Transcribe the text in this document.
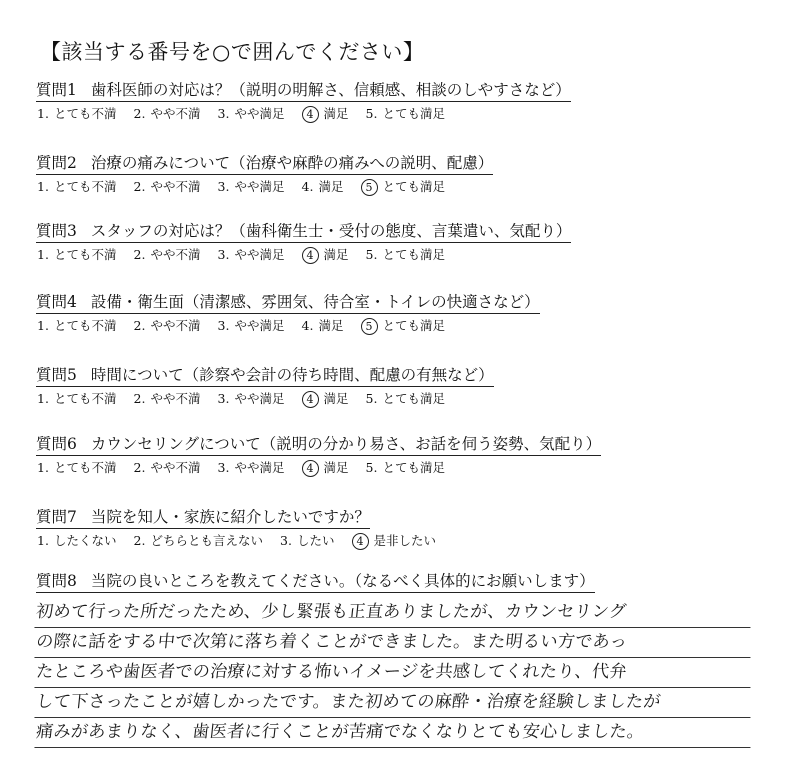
【該当する番号を○で囲んでください】
質問1 歯科医師の対応は？（説明の明解さ、信頼感、相談のしやすさなど）
1. とても不満 2. やや不満 3. やや満足 4 満足 5. とても満足
質問2 治療の痛みについて（治療や麻酔の痛みへの説明、配慮）
1. とても不満 2. やや不満 3. やや満足 4. 満足 5 とても満足
質問3 スタッフの対応は？（歯科衛生士・受付の態度、言葉遣い、気配り）
1. とても不満 2. やや不満 3. やや満足 4 満足 5. とても満足
質問4 設備・衛生面（清潔感、雰囲気、待合室・トイレの快適さなど）
1. とても不満 2. やや不満 3. やや満足 4. 満足 5 とても満足
質問5 時間について（診察や会計の待ち時間、配慮の有無など）
1. とても不満 2. やや不満 3. やや満足 4 満足 5. とても満足
質問6 カウンセリングについて（説明の分かり易さ、お話を伺う姿勢、気配り）
1. とても不満 2. やや不満 3. やや満足 4 満足 5. とても満足
質問7 当院を知人・家族に紹介したいですか？
1. したくない 2. どちらとも言えない 3. したい 4 是非したい
質問8 当院の良いところを教えてください。（なるべく具体的にお願いします）
初めて行った所だったため、少し緊張も正直ありましたが、カウンセリング
の際に話をする中で次第に落ち着くことができました。また明るい方であっ
たところや歯医者での治療に対する怖いイメージを共感してくれたり、代弁
して下さったことが嬉しかったです。また初めての麻酔・治療を経験しましたが
痛みがあまりなく、歯医者に行くことが苦痛でなくなりとても安心しました。
